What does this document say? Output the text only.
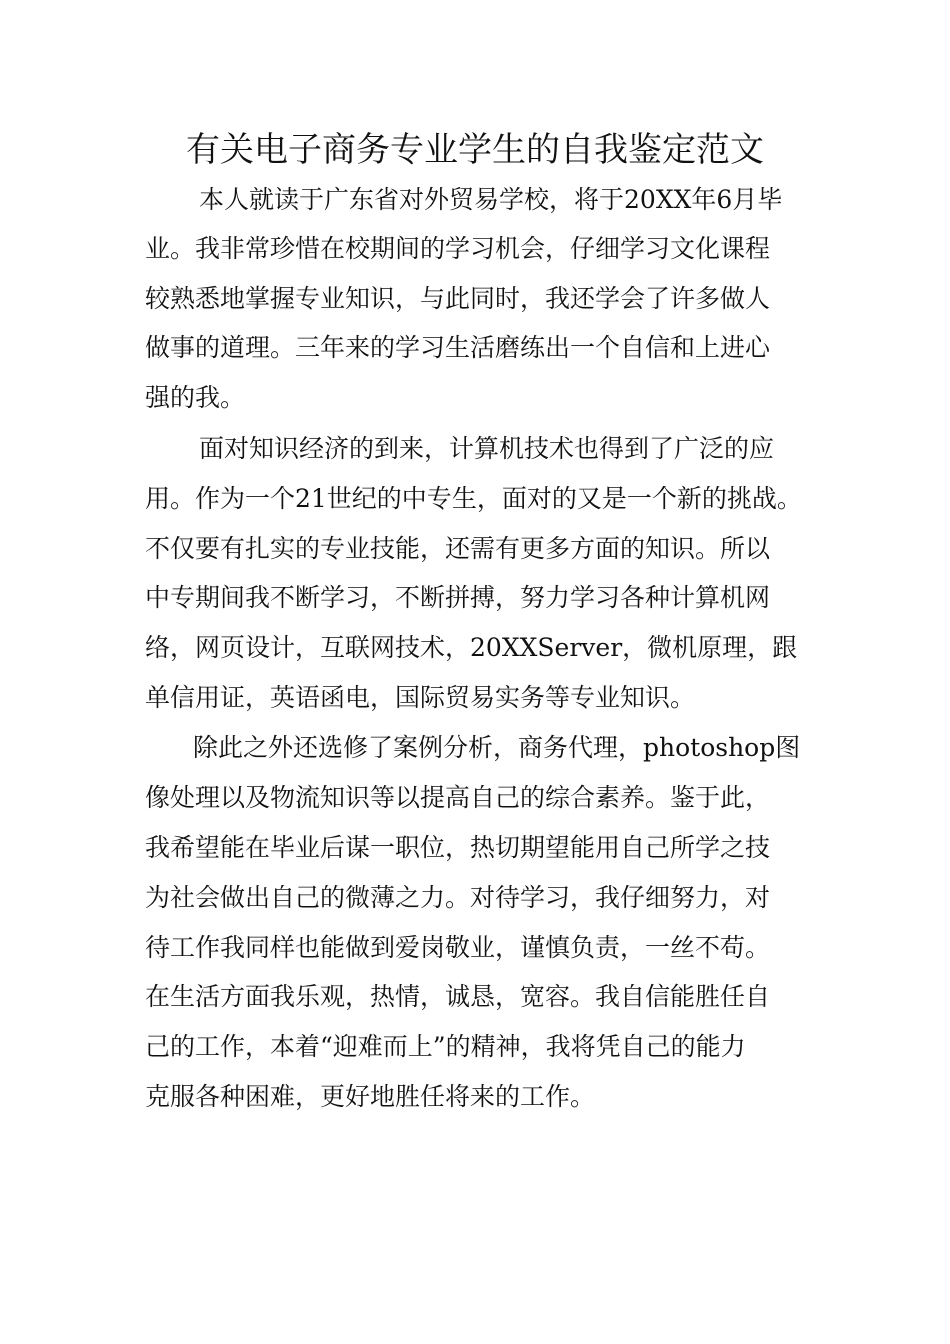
有关电子商务专业学生的自我鉴定范文

本人就读于广东省对外贸易学校，将于20XX年6月毕

业。我非常珍惜在校期间的学习机会，仔细学习文化课程

较熟悉地掌握专业知识，与此同时，我还学会了许多做人

做事的道理。三年来的学习生活磨练出一个自信和上进心

强的我。

面对知识经济的到来，计算机技术也得到了广泛的应

用。作为一个21世纪的中专生，面对的又是一个新的挑战。

不仅要有扎实的专业技能，还需有更多方面的知识。所以

中专期间我不断学习，不断拼搏，努力学习各种计算机网

络，网页设计，互联网技术，20XXServer，微机原理，跟

单信用证，英语函电，国际贸易实务等专业知识。

除此之外还选修了案例分析，商务代理，photoshop图

像处理以及物流知识等以提高自己的综合素养。鉴于此，

我希望能在毕业后谋一职位，热切期望能用自己所学之技

为社会做出自己的微薄之力。对待学习，我仔细努力，对

待工作我同样也能做到爱岗敬业，谨慎负责，一丝不苟。

在生活方面我乐观，热情，诚恳，宽容。我自信能胜任自

己的工作，本着“迎难而上”的精神，我将凭自己的能力

克服各种困难，更好地胜任将来的工作。
